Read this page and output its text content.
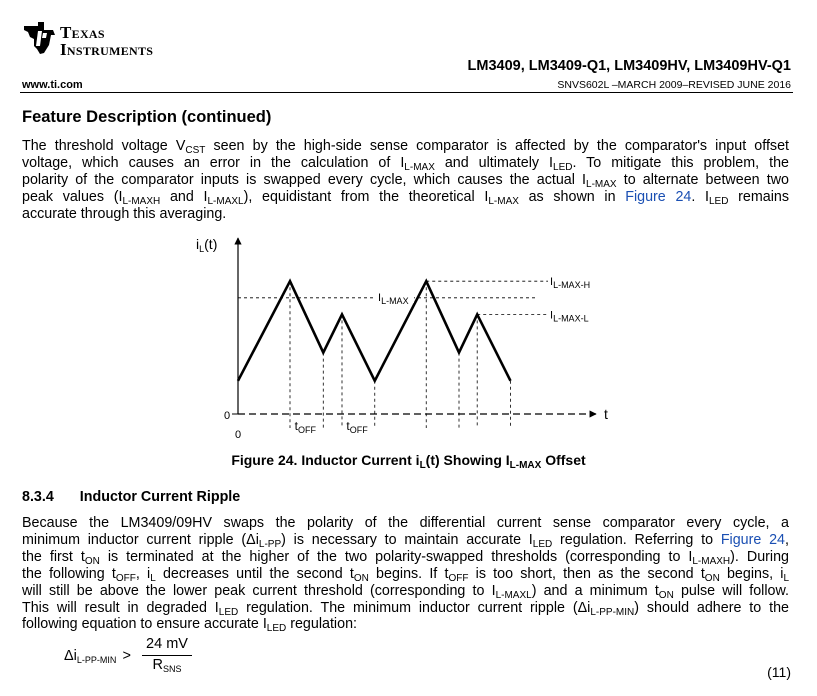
Texas
Instruments
www.ti.com
LM3409, LM3409-Q1, LM3409HV, LM3409HV-Q1
SNVS602L –MARCH 2009–REVISED JUNE 2016
Feature Description (continued)
The threshold voltage $V_{CST}$ seen by the high-side sense comparator is affected by the comparator's input offset
voltage, which causes an error in the calculation of $I_{L-MAX}$ and ultimately $I_{LED}$. To mitigate this problem, the
polarity of the comparator inputs is swapped every cycle, which causes the actual $I_{L-MAX}$ to alternate between two
peak values ($I_{L-MAXH}$ and $I_{L-MAXL}$), equidistant from the theoretical $I_{L-MAX}$ as shown in Figure 24. $I_{LED}$ remains
accurate through this averaging.
$i_L(t)$
t
0
0
$I_{L-MAX}$
$I_{L-MAX-H}$
$I_{L-MAX-L}$
$t_{OFF}$	$t_{OFF}$
Figure 24. Inductor Current $i_L(t)$ Showing $I_{L-MAX}$ Offset
8.3.4 Inductor Current Ripple
Because the LM3409/09HV swaps the polarity of the differential current sense comparator every cycle, a
minimum inductor current ripple $(\Delta i_{L-PP})$ is necessary to maintain accurate $I_{LED}$ regulation. Referring to Figure 24,
the first $t_{ON}$ is terminated at the higher of the two polarity-swapped thresholds (corresponding to $I_{L-MAXH}$). During
the following $t_{OFF}$, $i_L$ decreases until the second $t_{ON}$ begins. If $t_{OFF}$ is too short, then as the second $t_{ON}$ begins, $i_L$
will still be above the lower peak current threshold (corresponding to $I_{L-MAXL}$) and a minimum $t_{ON}$ pulse will follow.
This will result in degraded $I_{LED}$ regulation. The minimum inductor current ripple $(\Delta i_{L-PP-MIN})$ should adhere to the
following equation to ensure accurate $I_{LED}$ regulation:
$\Delta i_{L-PP-MIN}$ >
24 mV
$R_{SNS}$	(11)
